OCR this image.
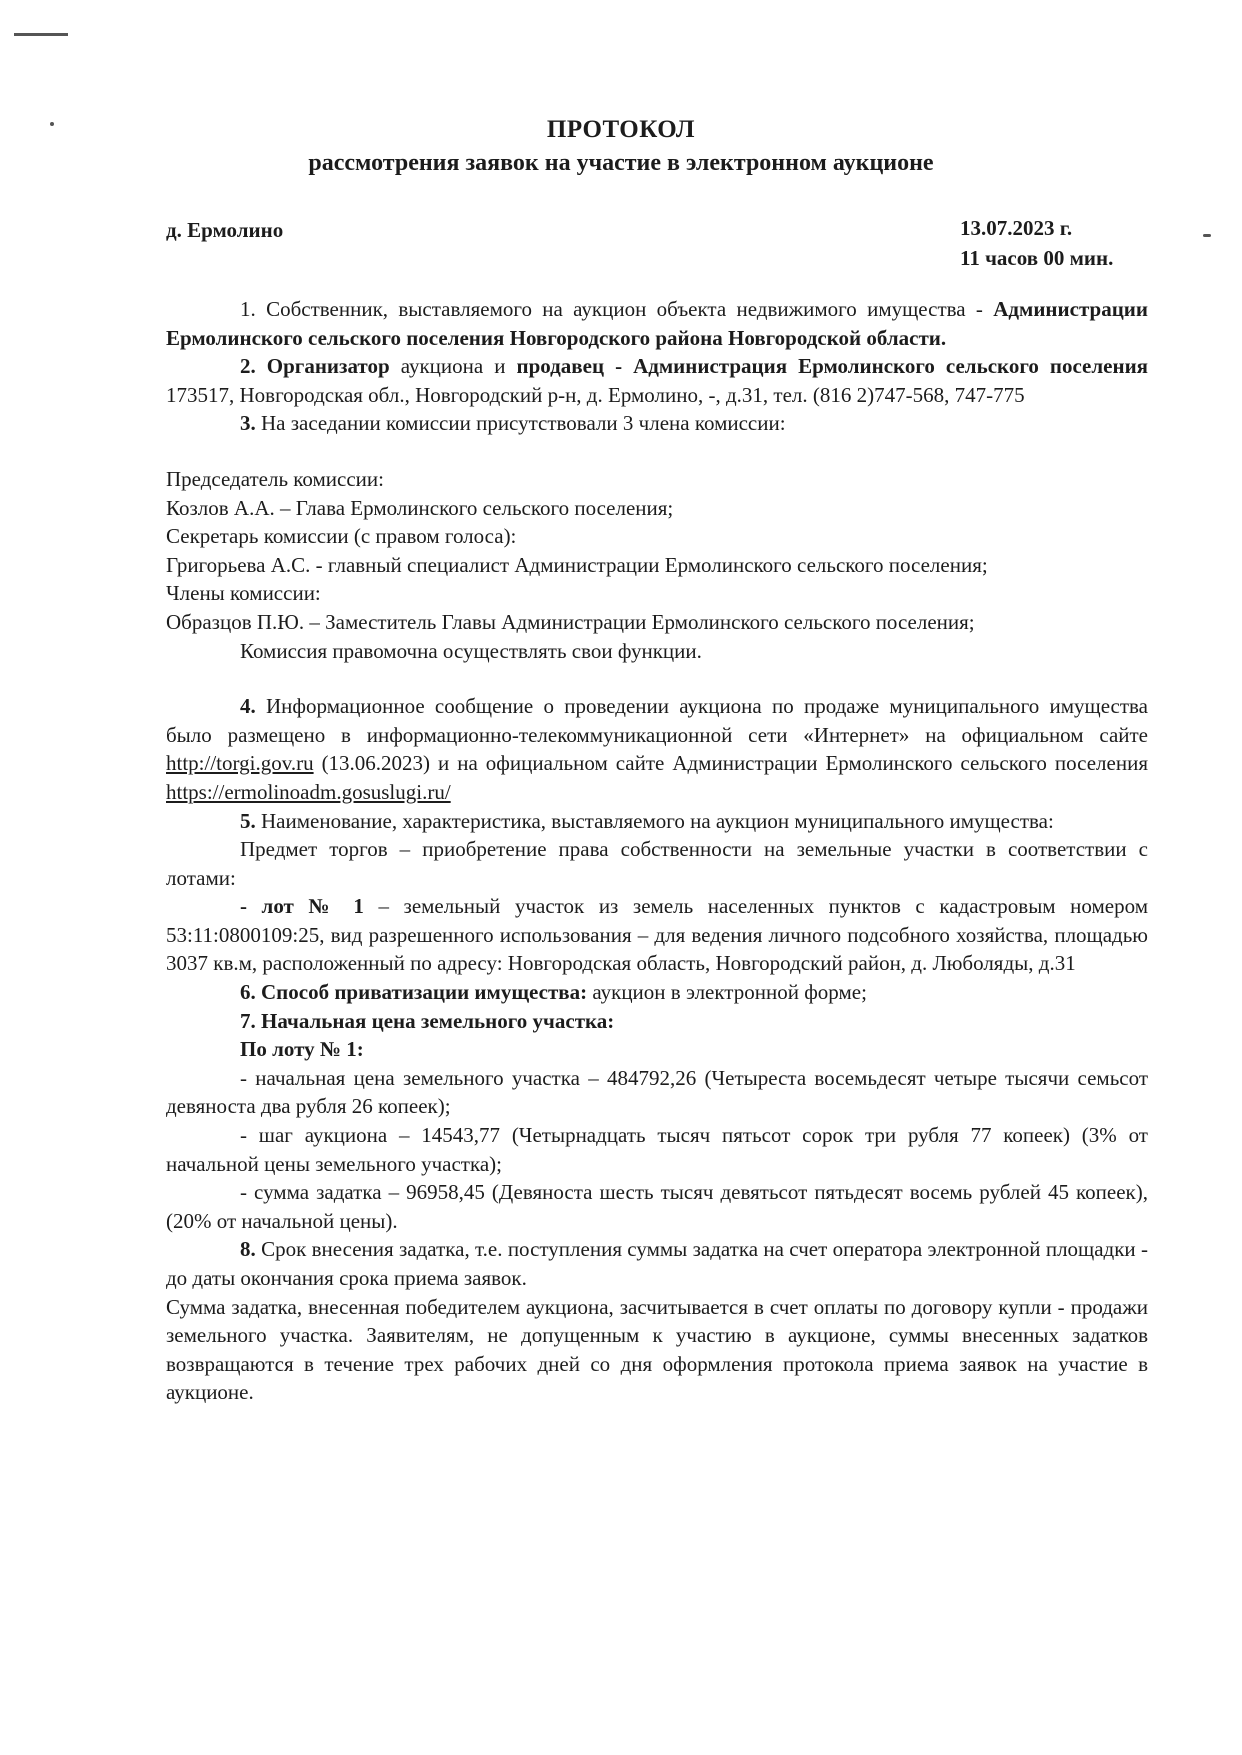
ПРОТОКОЛ
рассмотрения заявок на участие в электронном аукционе
д. Ермолино	13.07.2023 г.
11 часов 00 мин.

1. Собственник, выставляемого на аукцион объекта недвижимого имущества - Администрации Ермолинского сельского поселения Новгородского района Новгородской области.

2. Организатор аукциона и продавец - Администрация Ермолинского сельского поселения 173517, Новгородская обл., Новгородский р-н, д. Ермолино, -, д.31, тел. (816 2)747-568, 747-775

3. На заседании комиссии присутствовали 3 члена комиссии:

Председатель комиссии:

Козлов А.А. – Глава Ермолинского сельского поселения;

Секретарь комиссии (с правом голоса):

Григорьева А.С. - главный специалист Администрации Ермолинского сельского поселения;

Члены комиссии:

Образцов П.Ю. – Заместитель Главы Администрации Ермолинского сельского поселения;

Комиссия правомочна осуществлять свои функции.

4. Информационное сообщение о проведении аукциона по продаже муниципального имущества было размещено в информационно-телекоммуникационной сети «Интернет» на официальном сайте http://torgi.gov.ru (13.06.2023) и на официальном сайте Администрации Ермолинского сельского поселения https://ermolinoadm.gosuslugi.ru/

5. Наименование, характеристика, выставляемого на аукцион муниципального имущества:

Предмет торгов – приобретение права собственности на земельные участки в соответствии с лотами:

- лот № 1 – земельный участок из земель населенных пунктов с кадастровым номером 53:11:0800109:25, вид разрешенного использования – для ведения личного подсобного хозяйства, площадью 3037 кв.м, расположенный по адресу: Новгородская область, Новгородский район, д. Люболяды, д.31

6. Способ приватизации имущества: аукцион в электронной форме;

7. Начальная цена земельного участка:

По лоту № 1:

- начальная цена земельного участка – 484792,26 (Четыреста восемьдесят четыре тысячи семьсот девяноста два рубля 26 копеек);

- шаг аукциона – 14543,77 (Четырнадцать тысяч пятьсот сорок три рубля 77 копеек) (3% от начальной цены земельного участка);

- сумма задатка – 96958,45 (Девяноста шесть тысяч девятьсот пятьдесят восемь рублей 45 копеек), (20% от начальной цены).

8. Срок внесения задатка, т.е. поступления суммы задатка на счет оператора электронной площадки - до даты окончания срока приема заявок.

Сумма задатка, внесенная победителем аукциона, засчитывается в счет оплаты по договору купли - продажи земельного участка. Заявителям, не допущенным к участию в аукционе, суммы внесенных задатков возвращаются в течение трех рабочих дней со дня оформления протокола приема заявок на участие в аукционе.
